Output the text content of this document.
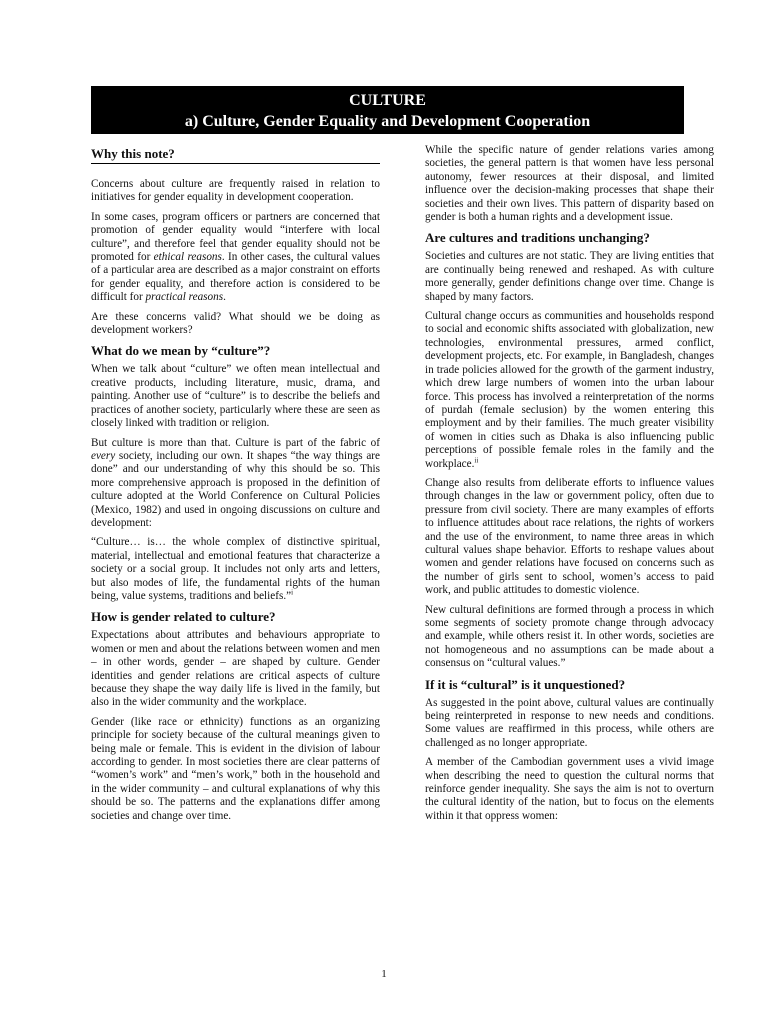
CULTURE
a) Culture, Gender Equality and Development Cooperation
Why this note?

Concerns about culture are frequently raised in relation to initiatives for gender equality in development cooperation.

In some cases, program officers or partners are concerned that promotion of gender equality would “interfere with local culture”, and therefore feel that gender equality should not be promoted for ethical reasons. In other cases, the cultural values of a particular area are described as a major constraint on efforts for gender equality, and therefore action is considered to be difficult for practical reasons.

Are these concerns valid? What should we be doing as development workers?

What do we mean by “culture”?

When we talk about “culture” we often mean intellectual and creative products, including literature, music, drama, and painting. Another use of “culture” is to describe the beliefs and practices of another society, particularly where these are seen as closely linked with tradition or religion.

But culture is more than that. Culture is part of the fabric of every society, including our own. It shapes “the way things are done” and our understanding of why this should be so. This more comprehensive approach is proposed in the definition of culture adopted at the World Conference on Cultural Policies (Mexico, 1982) and used in ongoing discussions on culture and development:

“Culture… is… the whole complex of distinctive spiritual, material, intellectual and emotional features that characterize a society or a social group. It includes not only arts and letters, but also modes of life, the fundamental rights of the human being, value systems, traditions and beliefs.”$^i$

How is gender related to culture?

Expectations about attributes and behaviours appropriate to women or men and about the relations between women and men – in other words, gender – are shaped by culture. Gender identities and gender relations are critical aspects of culture because they shape the way daily life is lived in the family, but also in the wider community and the workplace.

Gender (like race or ethnicity) functions as an organizing principle for society because of the cultural meanings given to being male or female. This is evident in the division of labour according to gender. In most societies there are clear patterns of “women’s work” and “men’s work,” both in the household and in the wider community – and cultural explanations of why this should be so. The patterns and the explanations differ among societies and change over time.

While the specific nature of gender relations varies among societies, the general pattern is that women have less personal autonomy, fewer resources at their disposal, and limited influence over the decision-making processes that shape their societies and their own lives. This pattern of disparity based on gender is both a human rights and a development issue.

Are cultures and traditions unchanging?

Societies and cultures are not static. They are living entities that are continually being renewed and reshaped. As with culture more generally, gender definitions change over time. Change is shaped by many factors.

Cultural change occurs as communities and households respond to social and economic shifts associated with globalization, new technologies, environmental pressures, armed conflict, development projects, etc. For example, in Bangladesh, changes in trade policies allowed for the growth of the garment industry, which drew large numbers of women into the urban labour force. This process has involved a reinterpretation of the norms of purdah (female seclusion) by the women entering this employment and by their families. The much greater visibility of women in cities such as Dhaka is also influencing public perceptions of possible female roles in the family and the workplace.$^{ii}$

Change also results from deliberate efforts to influence values through changes in the law or government policy, often due to pressure from civil society. There are many examples of efforts to influence attitudes about race relations, the rights of workers and the use of the environment, to name three areas in which cultural values shape behavior. Efforts to reshape values about women and gender relations have focused on concerns such as the number of girls sent to school, women’s access to paid work, and public attitudes to domestic violence.

New cultural definitions are formed through a process in which some segments of society promote change through advocacy and example, while others resist it. In other words, societies are not homogeneous and no assumptions can be made about a consensus on “cultural values.”

If it is “cultural” is it unquestioned?

As suggested in the point above, cultural values are continually being reinterpreted in response to new needs and conditions. Some values are reaffirmed in this process, while others are challenged as no longer appropriate.

A member of the Cambodian government uses a vivid image when describing the need to question the cultural norms that reinforce gender inequality. She says the aim is not to overturn the cultural identity of the nation, but to focus on the elements within it that oppress women:

1
